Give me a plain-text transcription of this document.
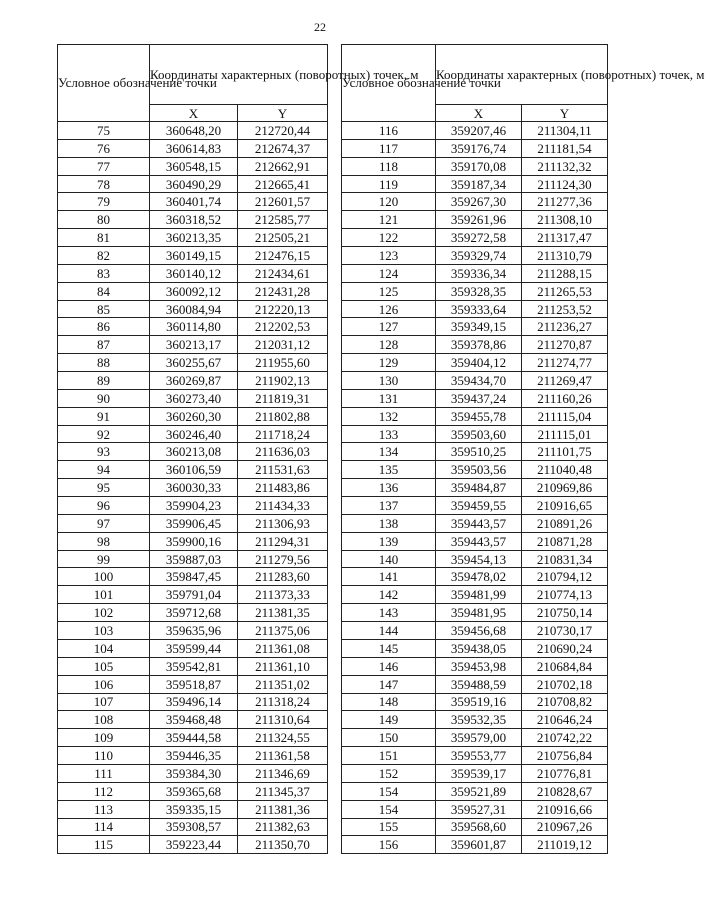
22
Условное обозначение точки	Координаты характерных (поворотных) точек, м	
	X	Y
75	360648,20	212720,44
76	360614,83	212674,37
77	360548,15	212662,91
78	360490,29	212665,41
79	360401,74	212601,57
80	360318,52	212585,77
81	360213,35	212505,21
82	360149,15	212476,15
83	360140,12	212434,61
84	360092,12	212431,28
85	360084,94	212220,13
86	360114,80	212202,53
87	360213,17	212031,12
88	360255,67	211955,60
89	360269,87	211902,13
90	360273,40	211819,31
91	360260,30	211802,88
92	360246,40	211718,24
93	360213,08	211636,03
94	360106,59	211531,63
95	360030,33	211483,86
96	359904,23	211434,33
97	359906,45	211306,93
98	359900,16	211294,31
99	359887,03	211279,56
100	359847,45	211283,60
101	359791,04	211373,33
102	359712,68	211381,35
103	359635,96	211375,06
104	359599,44	211361,08
105	359542,81	211361,10
106	359518,87	211351,02
107	359496,14	211318,24
108	359468,48	211310,64
109	359444,58	211324,55
110	359446,35	211361,58
111	359384,30	211346,69
112	359365,68	211345,37
113	359335,15	211381,36
114	359308,57	211382,63
115	359223,44	211350,70
Условное обозначение точки	Координаты характерных (поворотных) точек, м	
	X	Y
116	359207,46	211304,11
117	359176,74	211181,54
118	359170,08	211132,32
119	359187,34	211124,30
120	359267,30	211277,36
121	359261,96	211308,10
122	359272,58	211317,47
123	359329,74	211310,79
124	359336,34	211288,15
125	359328,35	211265,53
126	359333,64	211253,52
127	359349,15	211236,27
128	359378,86	211270,87
129	359404,12	211274,77
130	359434,70	211269,47
131	359437,24	211160,26
132	359455,78	211115,04
133	359503,60	211115,01
134	359510,25	211101,75
135	359503,56	211040,48
136	359484,87	210969,86
137	359459,55	210916,65
138	359443,57	210891,26
139	359443,57	210871,28
140	359454,13	210831,34
141	359478,02	210794,12
142	359481,99	210774,13
143	359481,95	210750,14
144	359456,68	210730,17
145	359438,05	210690,24
146	359453,98	210684,84
147	359488,59	210702,18
148	359519,16	210708,82
149	359532,35	210646,24
150	359579,00	210742,22
151	359553,77	210756,84
152	359539,17	210776,81
154	359521,89	210828,67
154	359527,31	210916,66
155	359568,60	210967,26
156	359601,87	211019,12
